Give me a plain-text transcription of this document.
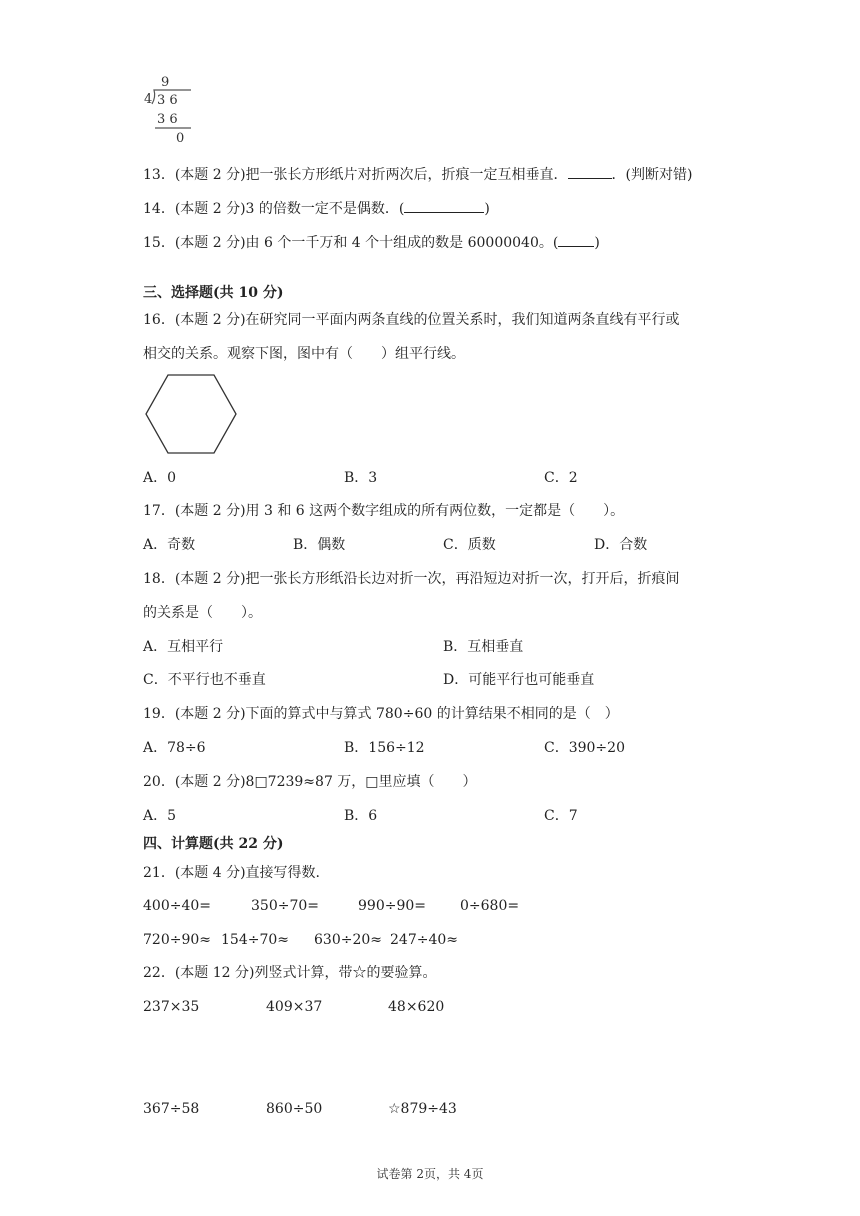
9
4 3 6
3 6
0
13．(本题 2 分)把一张长方形纸片对折两次后，折痕一定互相垂直．	．(判断对错)
14．(本题 2 分)3 的倍数一定不是偶数．(	)
15．(本题 2 分)由 6 个一千万和 4 个十组成的数是 60000040。(	)
三、选择题(共 10 分)
16．(本题 2 分)在研究同一平面内两条直线的位置关系时，我们知道两条直线有平行或
相交的关系。观察下图，图中有（　　）组平行线。
A．0	B．3	C．2
17．(本题 2 分)用 3 和 6 这两个数字组成的所有两位数，一定都是（　　）。
A．奇数	B．偶数	C．质数	D．合数
18．(本题 2 分)把一张长方形纸沿长边对折一次，再沿短边对折一次，打开后，折痕间
的关系是（　　）。
A．互相平行	B．互相垂直
C．不平行也不垂直	D．可能平行也可能垂直
19．(本题 2 分)下面的算式中与算式 780÷60 的计算结果不相同的是（　）
A．78÷6	B．156÷12	C．390÷20
20．(本题 2 分)8□7239≈87 万，□里应填（　　）
A．5	B．6	C．7
四、计算题(共 22 分)
21．(本题 4 分)直接写得数.
400÷40=	350÷70=	990÷90= 0÷680=
720÷90≈ 154÷70≈ 630÷20≈ 247÷40≈
22．(本题 12 分)列竖式计算，带☆的要验算。
237×35	409×37	48×620
367÷58	860÷50	☆879÷43
试卷第 2页，共 4页
